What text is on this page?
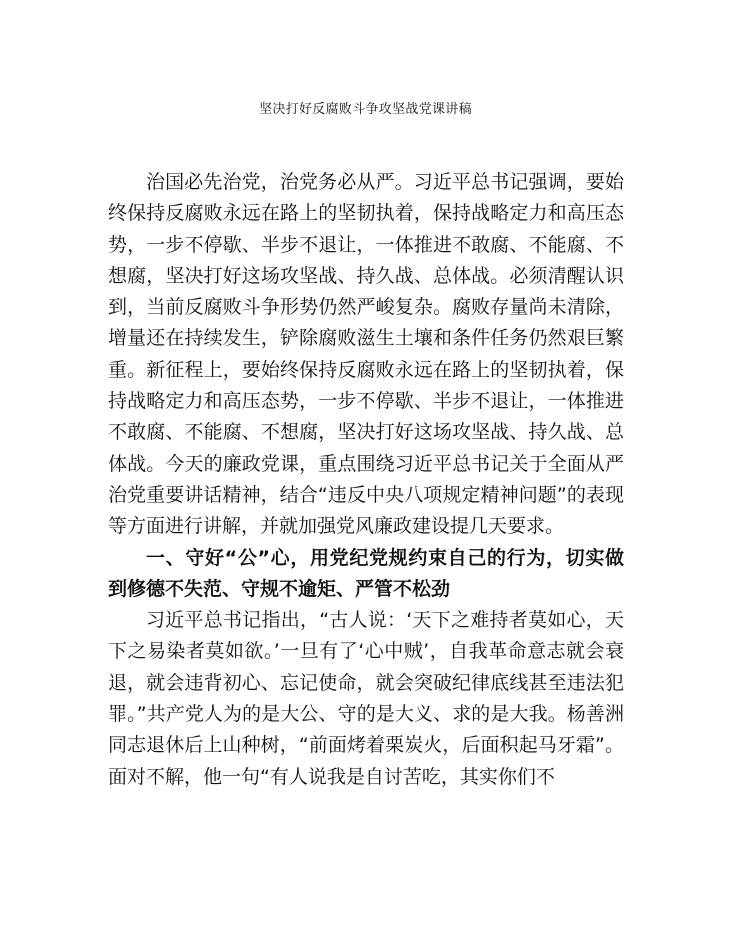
坚决打好反腐败斗争攻坚战党课讲稿

治国必先治党，治党务必从严。习近平总书记强调，要始终保持反腐败永远在路上的坚韧执着，保持战略定力和高压态势，一步不停歇、半步不退让，一体推进不敢腐、不能腐、不想腐，坚决打好这场攻坚战、持久战、总体战。必须清醒认识到，当前反腐败斗争形势仍然严峻复杂。腐败存量尚未清除，增量还在持续发生，铲除腐败滋生土壤和条件任务仍然艰巨繁重。新征程上，要始终保持反腐败永远在路上的坚韧执着，保持战略定力和高压态势，一步不停歇、半步不退让，一体推进不敢腐、不能腐、不想腐，坚决打好这场攻坚战、持久战、总体战。今天的廉政党课，重点围绕习近平总书记关于全面从严治党重要讲话精神，结合“违反中央八项规定精神问题”的表现等方面进行讲解，并就加强党风廉政建设提几天要求。

一、守好“公”心，用党纪党规约束自己的行为，切实做到修德不失范、守规不逾矩、严管不松劲

习近平总书记指出，“古人说：‘天下之难持者莫如心，天下之易染者莫如欲。’一旦有了‘心中贼’，自我革命意志就会衰退，就会违背初心、忘记使命，就会突破纪律底线甚至违法犯罪。”共产党人为的是大公、守的是大义、求的是大我。杨善洲同志退休后上山种树，“前面烤着栗炭火，后面积起马牙霜”。面对不解，他一句“有人说我是自讨苦吃，其实你们不
